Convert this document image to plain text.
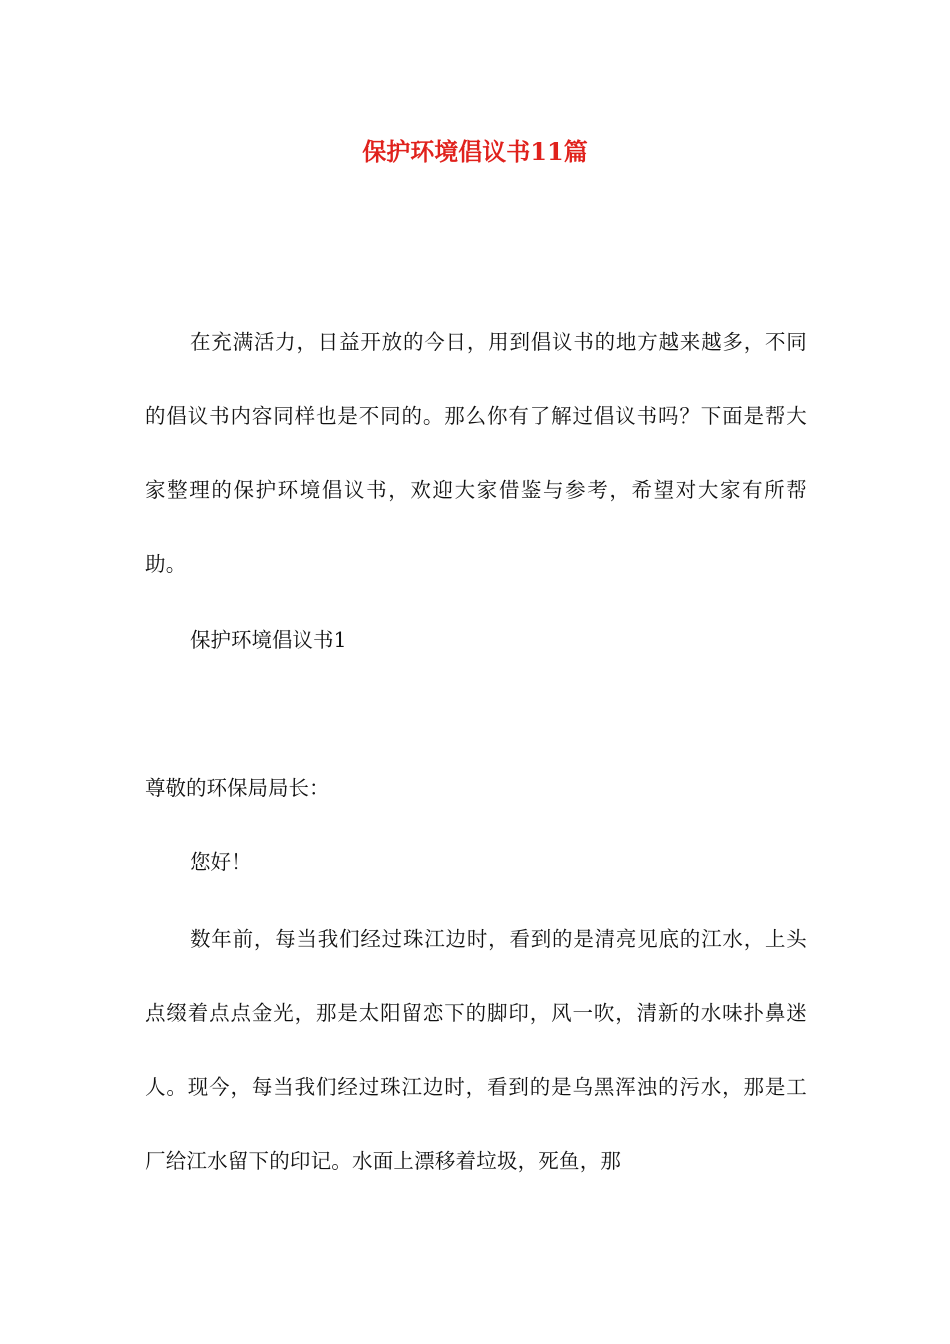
保护环境倡议书11篇

在充满活力，日益开放的今日，用到倡议书的地方越来越多，不同的倡议书内容同样也是不同的。那么你有了解过倡议书吗？下面是帮大家整理的保护环境倡议书，欢迎大家借鉴与参考，希望对大家有所帮助。

保护环境倡议书1

尊敬的环保局局长：

您好！

数年前，每当我们经过珠江边时，看到的是清亮见底的江水，上头点缀着点点金光，那是太阳留恋下的脚印，风一吹，清新的水味扑鼻迷人。现今，每当我们经过珠江边时，看到的是乌黑浑浊的污水，那是工厂给江水留下的印记。水面上漂移着垃圾，死鱼，那
